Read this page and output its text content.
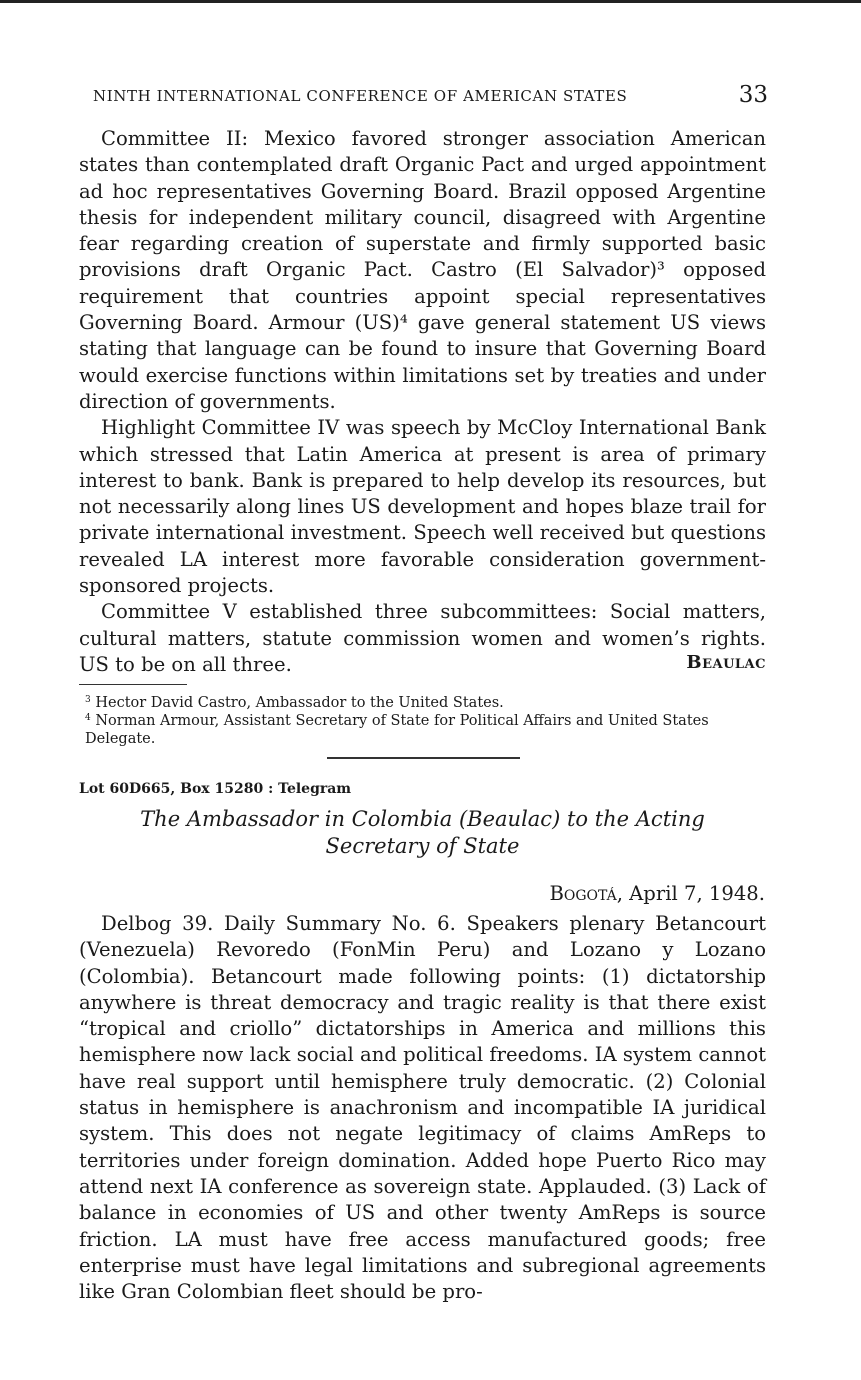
NINTH INTERNATIONAL CONFERENCE OF AMERICAN STATES	33

Committee II: Mexico favored stronger association American states than contemplated draft Organic Pact and urged appointment ad hoc representatives Governing Board. Brazil opposed Argentine thesis for independent military council, disagreed with Argentine fear regarding creation of superstate and firmly supported basic provisions draft Organic Pact. Castro (El Salvador)³ opposed requirement that countries appoint special representatives Governing Board. Armour (US)⁴ gave general statement US views stating that language can be found to insure that Governing Board would exercise functions within limitations set by treaties and under direction of governments.

Highlight Committee IV was speech by McCloy International Bank which stressed that Latin America at present is area of primary interest to bank. Bank is prepared to help develop its resources, but not necessarily along lines US development and hopes blaze trail for private international investment. Speech well received but questions revealed LA interest more favorable consideration government-sponsored projects.

Committee V established three subcommittees: Social matters, cultural matters, statute commission women and women’s rights. US to be on all three.	Beaulac
$^3$ Hector David Castro, Ambassador to the United States.
$^4$ Norman Armour, Assistant Secretary of State for Political Affairs and United States Delegate.
Lot 60D665, Box 15280 : Telegram
The Ambassador in Colombia (Beaulac) to the Acting
Secretary of State
Bogotá, April 7, 1948.

Delbog 39. Daily Summary No. 6. Speakers plenary Betancourt (Venezuela) Revoredo (FonMin Peru) and Lozano y Lozano (Colombia). Betancourt made following points: (1) dictatorship anywhere is threat democracy and tragic reality is that there exist “tropical and criollo” dictatorships in America and millions this hemisphere now lack social and political freedoms. IA system cannot have real support until hemisphere truly democratic. (2) Colonial status in hemisphere is anachronism and incompatible IA juridical system. This does not negate legitimacy of claims AmReps to territories under foreign domination. Added hope Puerto Rico may attend next IA conference as sovereign state. Applauded. (3) Lack of balance in economies of US and other twenty AmReps is source friction. LA must have free access manufactured goods; free enterprise must have legal limitations and subregional agreements like Gran Colombian fleet should be pro-
